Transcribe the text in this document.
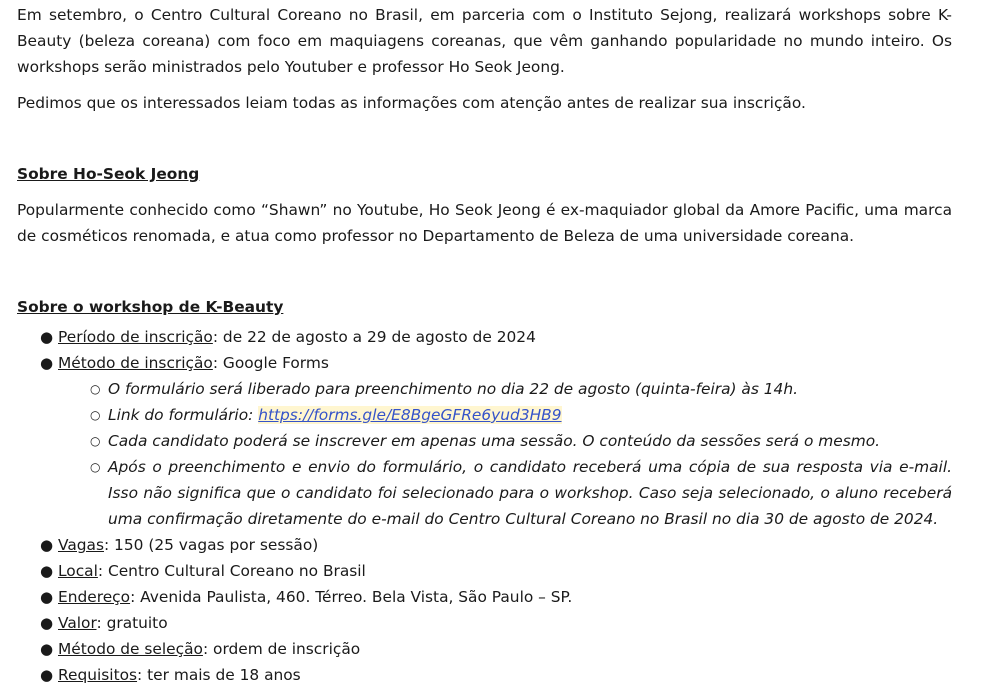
Em setembro, o Centro Cultural Coreano no Brasil, em parceria com o Instituto Sejong, realizará workshops sobre K-Beauty (beleza coreana) com foco em maquiagens coreanas, que vêm ganhando popularidade no mundo inteiro. Os workshops serão ministrados pelo Youtuber e professor Ho Seok Jeong.

Pedimos que os interessados leiam todas as informações com atenção antes de realizar sua inscrição.

Sobre Ho-Seok Jeong

Popularmente conhecido como “Shawn” no Youtube, Ho Seok Jeong é ex-maquiador global da Amore Pacific, uma marca de cosméticos renomada, e atua como professor no Departamento de Beleza de uma universidade coreana.

Sobre o workshop de K-Beauty
● Período de inscrição: de 22 de agosto a 29 de agosto de 2024
● Método de inscrição: Google Forms
○ O formulário será liberado para preenchimento no dia 22 de agosto (quinta-feira) às 14h.
○ Link do formulário: https://forms.gle/E8BgeGFRe6yud3HB9
○ Cada candidato poderá se inscrever em apenas uma sessão. O conteúdo da sessões será o mesmo.
○ Após o preenchimento e envio do formulário, o candidato receberá uma cópia de sua resposta via e-mail. Isso não significa que o candidato foi selecionado para o workshop. Caso seja selecionado, o aluno receberá uma confirmação diretamente do e-mail do Centro Cultural Coreano no Brasil no dia 30 de agosto de 2024.
● Vagas: 150 (25 vagas por sessão)
● Local: Centro Cultural Coreano no Brasil
● Endereço: Avenida Paulista, 460. Térreo. Bela Vista, São Paulo – SP.
● Valor: gratuito
● Método de seleção: ordem de inscrição
● Requisitos: ter mais de 18 anos
